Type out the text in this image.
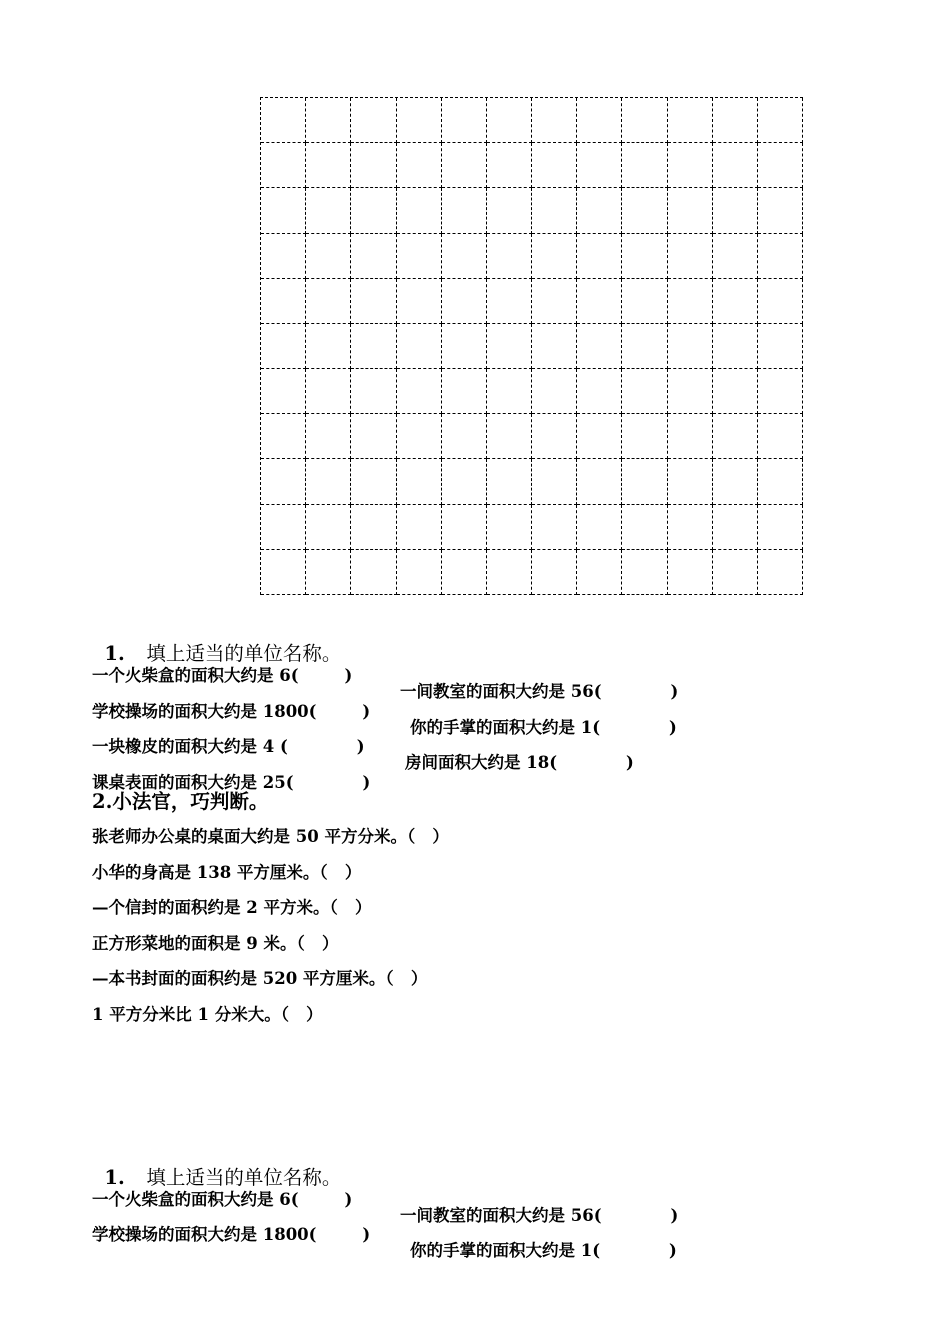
1. 填上适当的单位名称。

一个火柴盒的面积大约是 6(        )

一间教室的面积大约是 56(            )

学校操场的面积大约是 1800(        )

你的手掌的面积大约是 1(            )

一块橡皮的面积大约是 4 (            )

房间面积大约是 18(            )

课桌表面的面积大约是 25(            )

2.小法官，巧判断。
张老师办公桌的桌面大约是 50 平方分米。（   ）
小华的身高是 138 平方厘米。（   ）
—个信封的面积约是 2 平方米。（   ）
正方形菜地的面积是 9 米。（   ）
—本书封面的面积约是 520 平方厘米。（   ）
1 平方分米比 1 分米大。（   ）

1. 填上适当的单位名称。

一个火柴盒的面积大约是 6(        )

一间教室的面积大约是 56(            )

学校操场的面积大约是 1800(        )

你的手掌的面积大约是 1(            )
